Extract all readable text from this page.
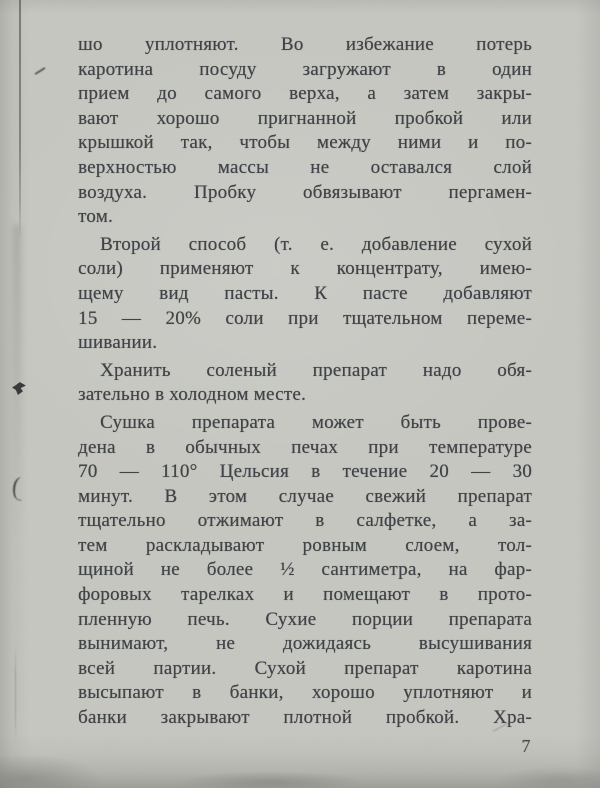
шо уплотняют. Во избежание потерь
каротина посуду загружают в один
прием до самого верха, а затем закры-
вают хорошо пригнанной пробкой или
крышкой так, чтобы между ними и по-
верхностью массы не оставался слой
воздуха. Пробку обвязывают пергамен-
том.

Второй способ (т. е. добавление сухой
соли) применяют к концентрату, имею-
щему вид пасты. К пасте добавляют
15 — 20% соли при тщательном переме-
шивании.

Хранить соленый препарат надо обя-
зательно в холодном месте.

Сушка препарата может быть прове-
дена в обычных печах при температуре
70 — 110° Цельсия в течение 20 — 30
минут. В этом случае свежий препарат
тщательно отжимают в салфетке, а за-
тем раскладывают ровным слоем, тол-
щиной не более ½ сантиметра, на фар-
форовых тарелках и помещают в прото-
пленную печь. Сухие порции препарата
вынимают, не дожидаясь высушивания
всей партии. Сухой препарат каротина
высыпают в банки, хорошо уплотняют и
банки закрывают плотной пробкой. Хра-

7
